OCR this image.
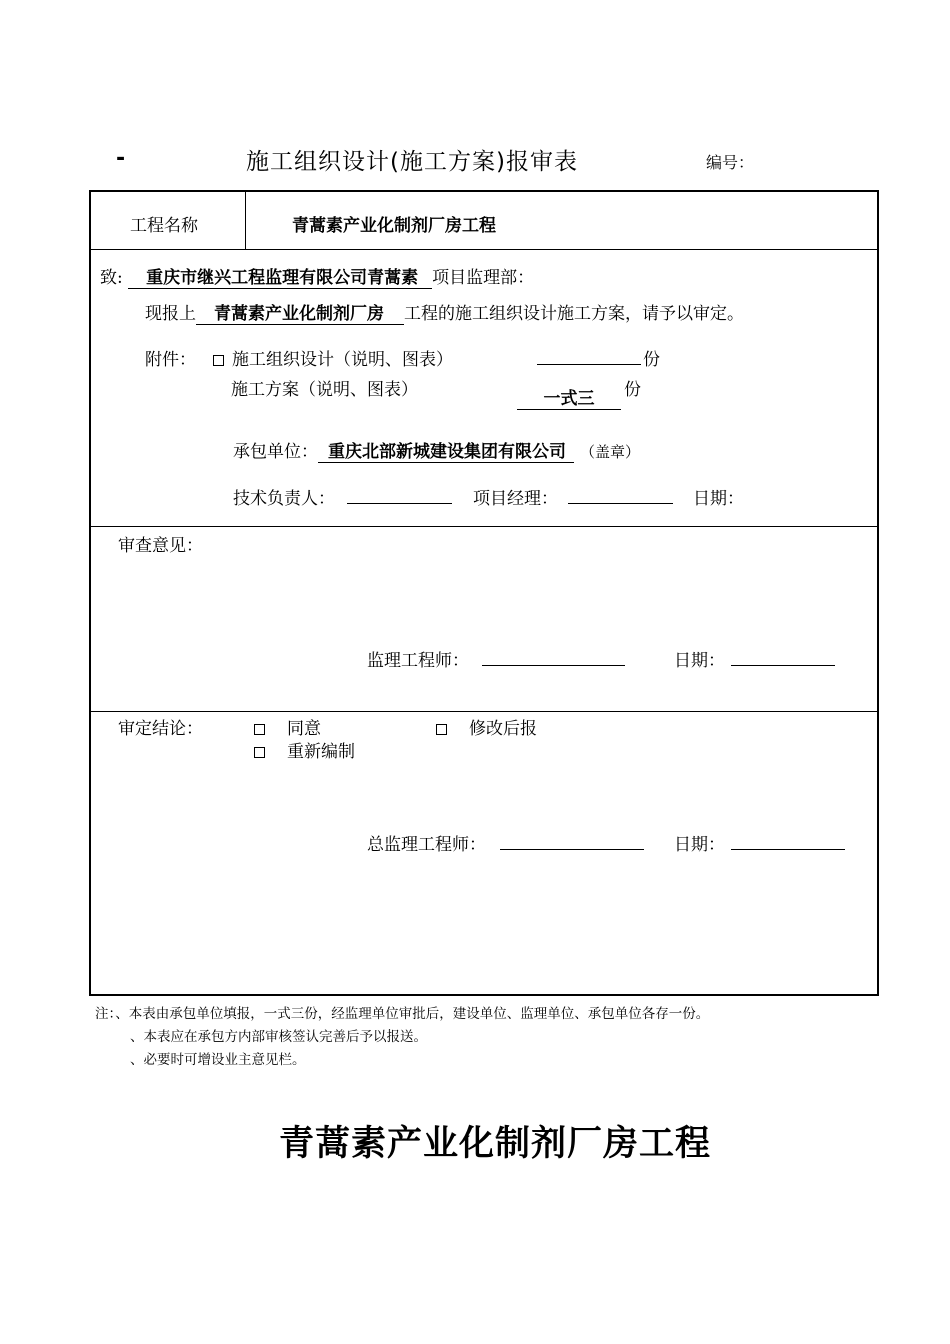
-	施工组织设计(施工方案)报审表	编号：
工程名称	青蒿素产业化制剂厂房工程
致: 重庆市继兴工程监理有限公司青蒿素 项目监理部：
现报上 青蒿素产业化制剂厂房 工程的施工组织设计施工方案，请予以审定。
附件：	施工组织设计（说明、图表）	份
施工方案（说明、图表）	一式三	份
承包单位： 重庆北部新城建设集团有限公司 （盖章）
技术负责人：	项目经理：	日期：
审查意见：
监理工程师：	日期：
审定结论：	同意	修改后报
重新编制
总监理工程师：	日期：
注：、本表由承包单位填报，一式三份，经监理单位审批后，建设单位、监理单位、承包单位各存一份。
、本表应在承包方内部审核签认完善后予以报送。
、必要时可增设业主意见栏。
青蒿素产业化制剂厂房工程
